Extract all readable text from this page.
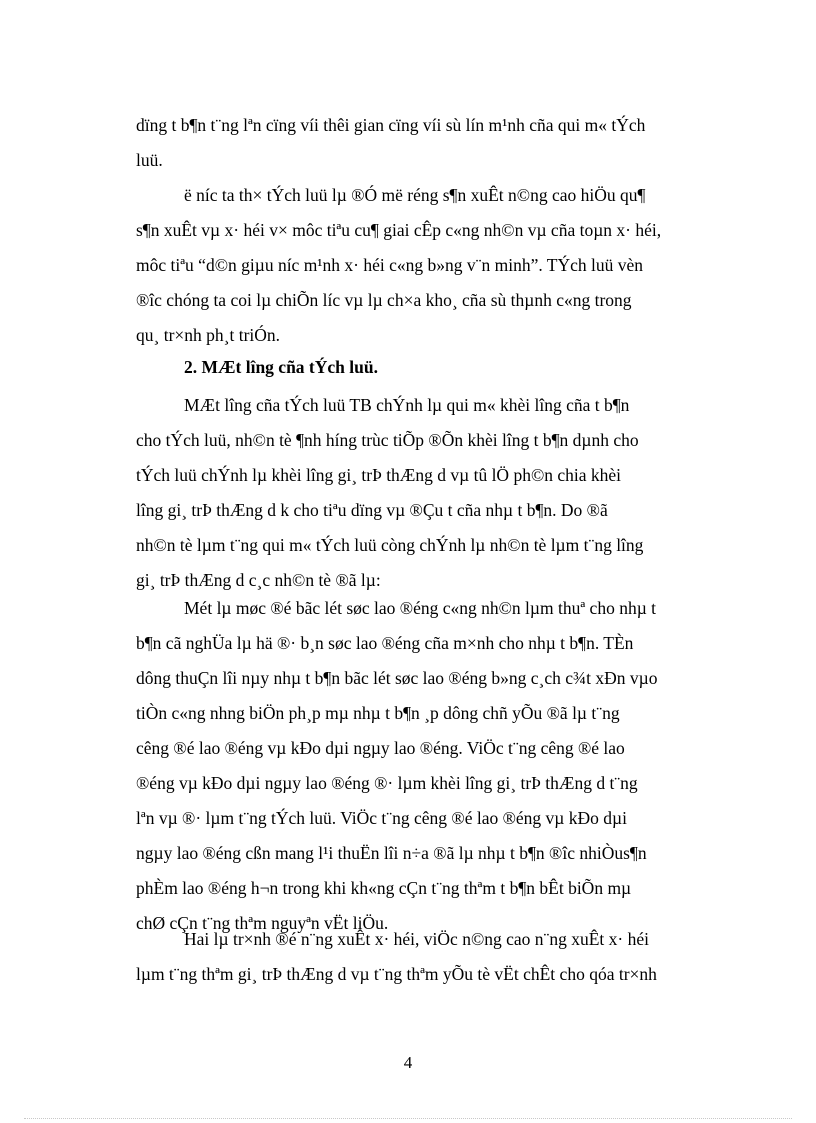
dïng t b¶n t¨ng lªn cïng víi thêi gian cïng víi sù lín m¹nh cña qui m« tÝch
luü.
ë níc ta th× tÝch luü lµ ®Ó më réng s¶n xuÊt n©ng cao hiÖu qu¶
s¶n xuÊt vµ x· héi v× môc tiªu cu¶ giai cÊp c«ng nh©n vµ cña toµn x· héi,
môc tiªu “d©n giµu níc m¹nh x· héi c«ng b»ng v¨n minh”. TÝch luü vèn
®îc chóng ta coi lµ chiÕn líc vµ lµ ch×a kho¸ cña sù thµnh c«ng trong
qu¸ tr×nh ph¸t triÓn.
2. MÆt lîng cña tÝch luü.
MÆt lîng cña tÝch luü TB chÝnh lµ qui m« khèi lîng cña t b¶n
cho tÝch luü, nh©n tè ¶nh híng trùc tiÕp ®Õn khèi lîng t b¶n dµnh cho
tÝch luü chÝnh lµ khèi lîng gi¸ trÞ thÆng d vµ tû lÖ ph©n chia khèi
lîng gi¸ trÞ thÆng d k cho tiªu dïng vµ ®Çu t cña nhµ t b¶n. Do ®ã
nh©n tè lµm t¨ng qui m« tÝch luü còng chÝnh lµ nh©n tè lµm t¨ng lîng
gi¸ trÞ thÆng d c¸c nh©n tè ®ã lµ:
Mét lµ møc ®é bãc lét søc lao ®éng c«ng nh©n lµm thuª cho nhµ t
b¶n cã nghÜa lµ hä ®· b¸n søc lao ®éng cña m×nh cho nhµ t b¶n. TÈn
dông thuÇn lîi nµy nhµ t b¶n bãc lét søc lao ®éng b»ng c¸ch c¾t xÐn vµo
tiÒn c«ng nhng biÖn ph¸p mµ nhµ t b¶n ¸p dông chñ yÕu ®ã lµ t¨ng
cêng ®é lao ®éng vµ kÐo dµi ngµy lao ®éng. ViÖc t¨ng cêng ®é lao
®éng vµ kÐo dµi ngµy lao ®éng ®· lµm khèi lîng gi¸ trÞ thÆng d t¨ng
lªn vµ ®· lµm t¨ng tÝch luü. ViÖc t¨ng cêng ®é lao ®éng vµ kÐo dµi
ngµy lao ®éng cßn mang l¹i thuËn lîi n÷a ®ã lµ nhµ t b¶n ®îc nhiÒus¶n
phÈm lao ®éng h¬n trong khi kh«ng cÇn t¨ng thªm t b¶n bÊt biÕn mµ
chØ cÇn t¨ng thªm nguyªn vËt liÖu.
Hai lµ tr×nh ®é n¨ng xuÊt x· héi, viÖc n©ng cao n¨ng xuÊt x· héi
lµm t¨ng thªm gi¸ trÞ thÆng d vµ t¨ng thªm yÕu tè vËt chÊt cho qóa tr×nh
4
